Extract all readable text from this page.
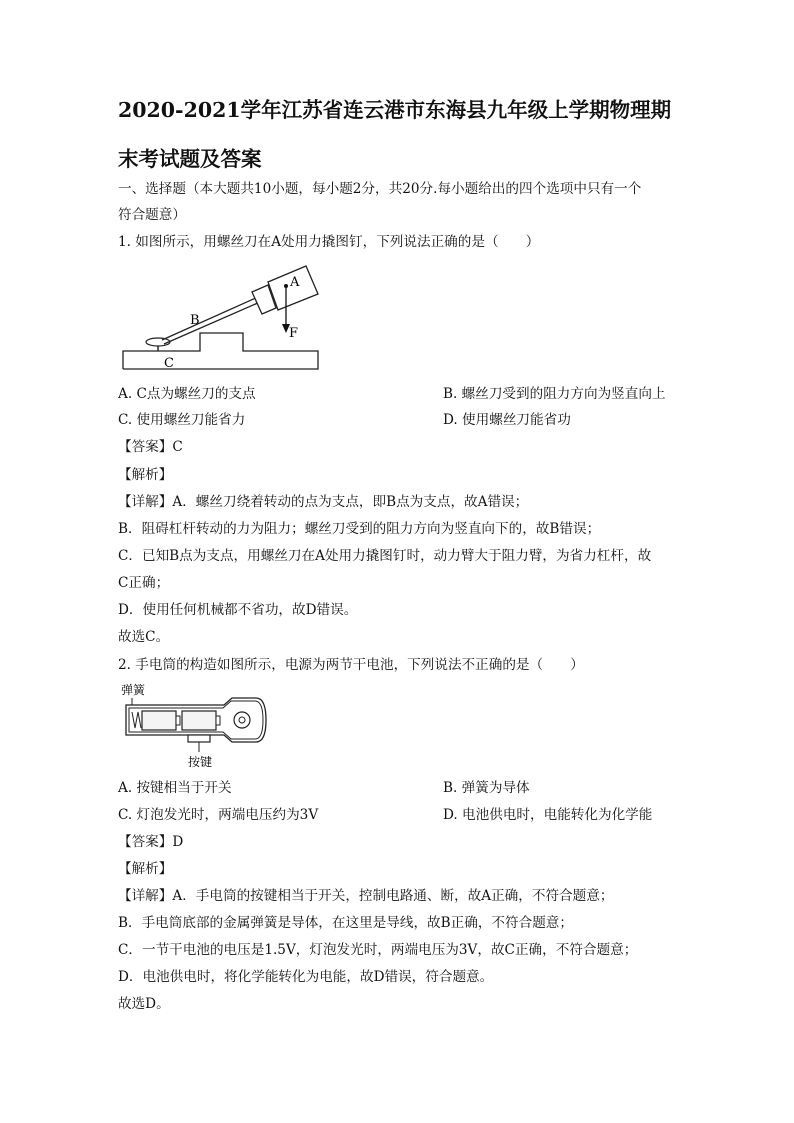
2020-2021学年江苏省连云港市东海县九年级上学期物理期
末考试题及答案
一、选择题（本大题共10小题，每小题2分，共20分.每小题给出的四个选项中只有一个
符合题意）
1. 如图所示，用螺丝刀在A处用力撬图钉，下列说法正确的是（　　）
A
F
B
C
A. C点为螺丝刀的支点	B. 螺丝刀受到的阻力方向为竖直向上
C. 使用螺丝刀能省力	D. 使用螺丝刀能省功
【答案】C
【解析】
【详解】A．螺丝刀绕着转动的点为支点，即B点为支点，故A错误；
B．阻碍杠杆转动的力为阻力；螺丝刀受到的阻力方向为竖直向下的，故B错误；
C．已知B点为支点，用螺丝刀在A处用力撬图钉时，动力臂大于阻力臂，为省力杠杆，故
C正确；
D．使用任何机械都不省功，故D错误。
故选C。
2. 手电筒的构造如图所示，电源为两节干电池，下列说法不正确的是（　　）
弹簧
按键
A. 按键相当于开关	B. 弹簧为导体
C. 灯泡发光时，两端电压约为3V	D. 电池供电时，电能转化为化学能
【答案】D
【解析】
【详解】A．手电筒的按键相当于开关，控制电路通、断，故A正确，不符合题意；
B．手电筒底部的金属弹簧是导体，在这里是导线，故B正确，不符合题意；
C．一节干电池的电压是1.5V，灯泡发光时，两端电压为3V，故C正确，不符合题意；
D．电池供电时，将化学能转化为电能，故D错误，符合题意。
故选D。
